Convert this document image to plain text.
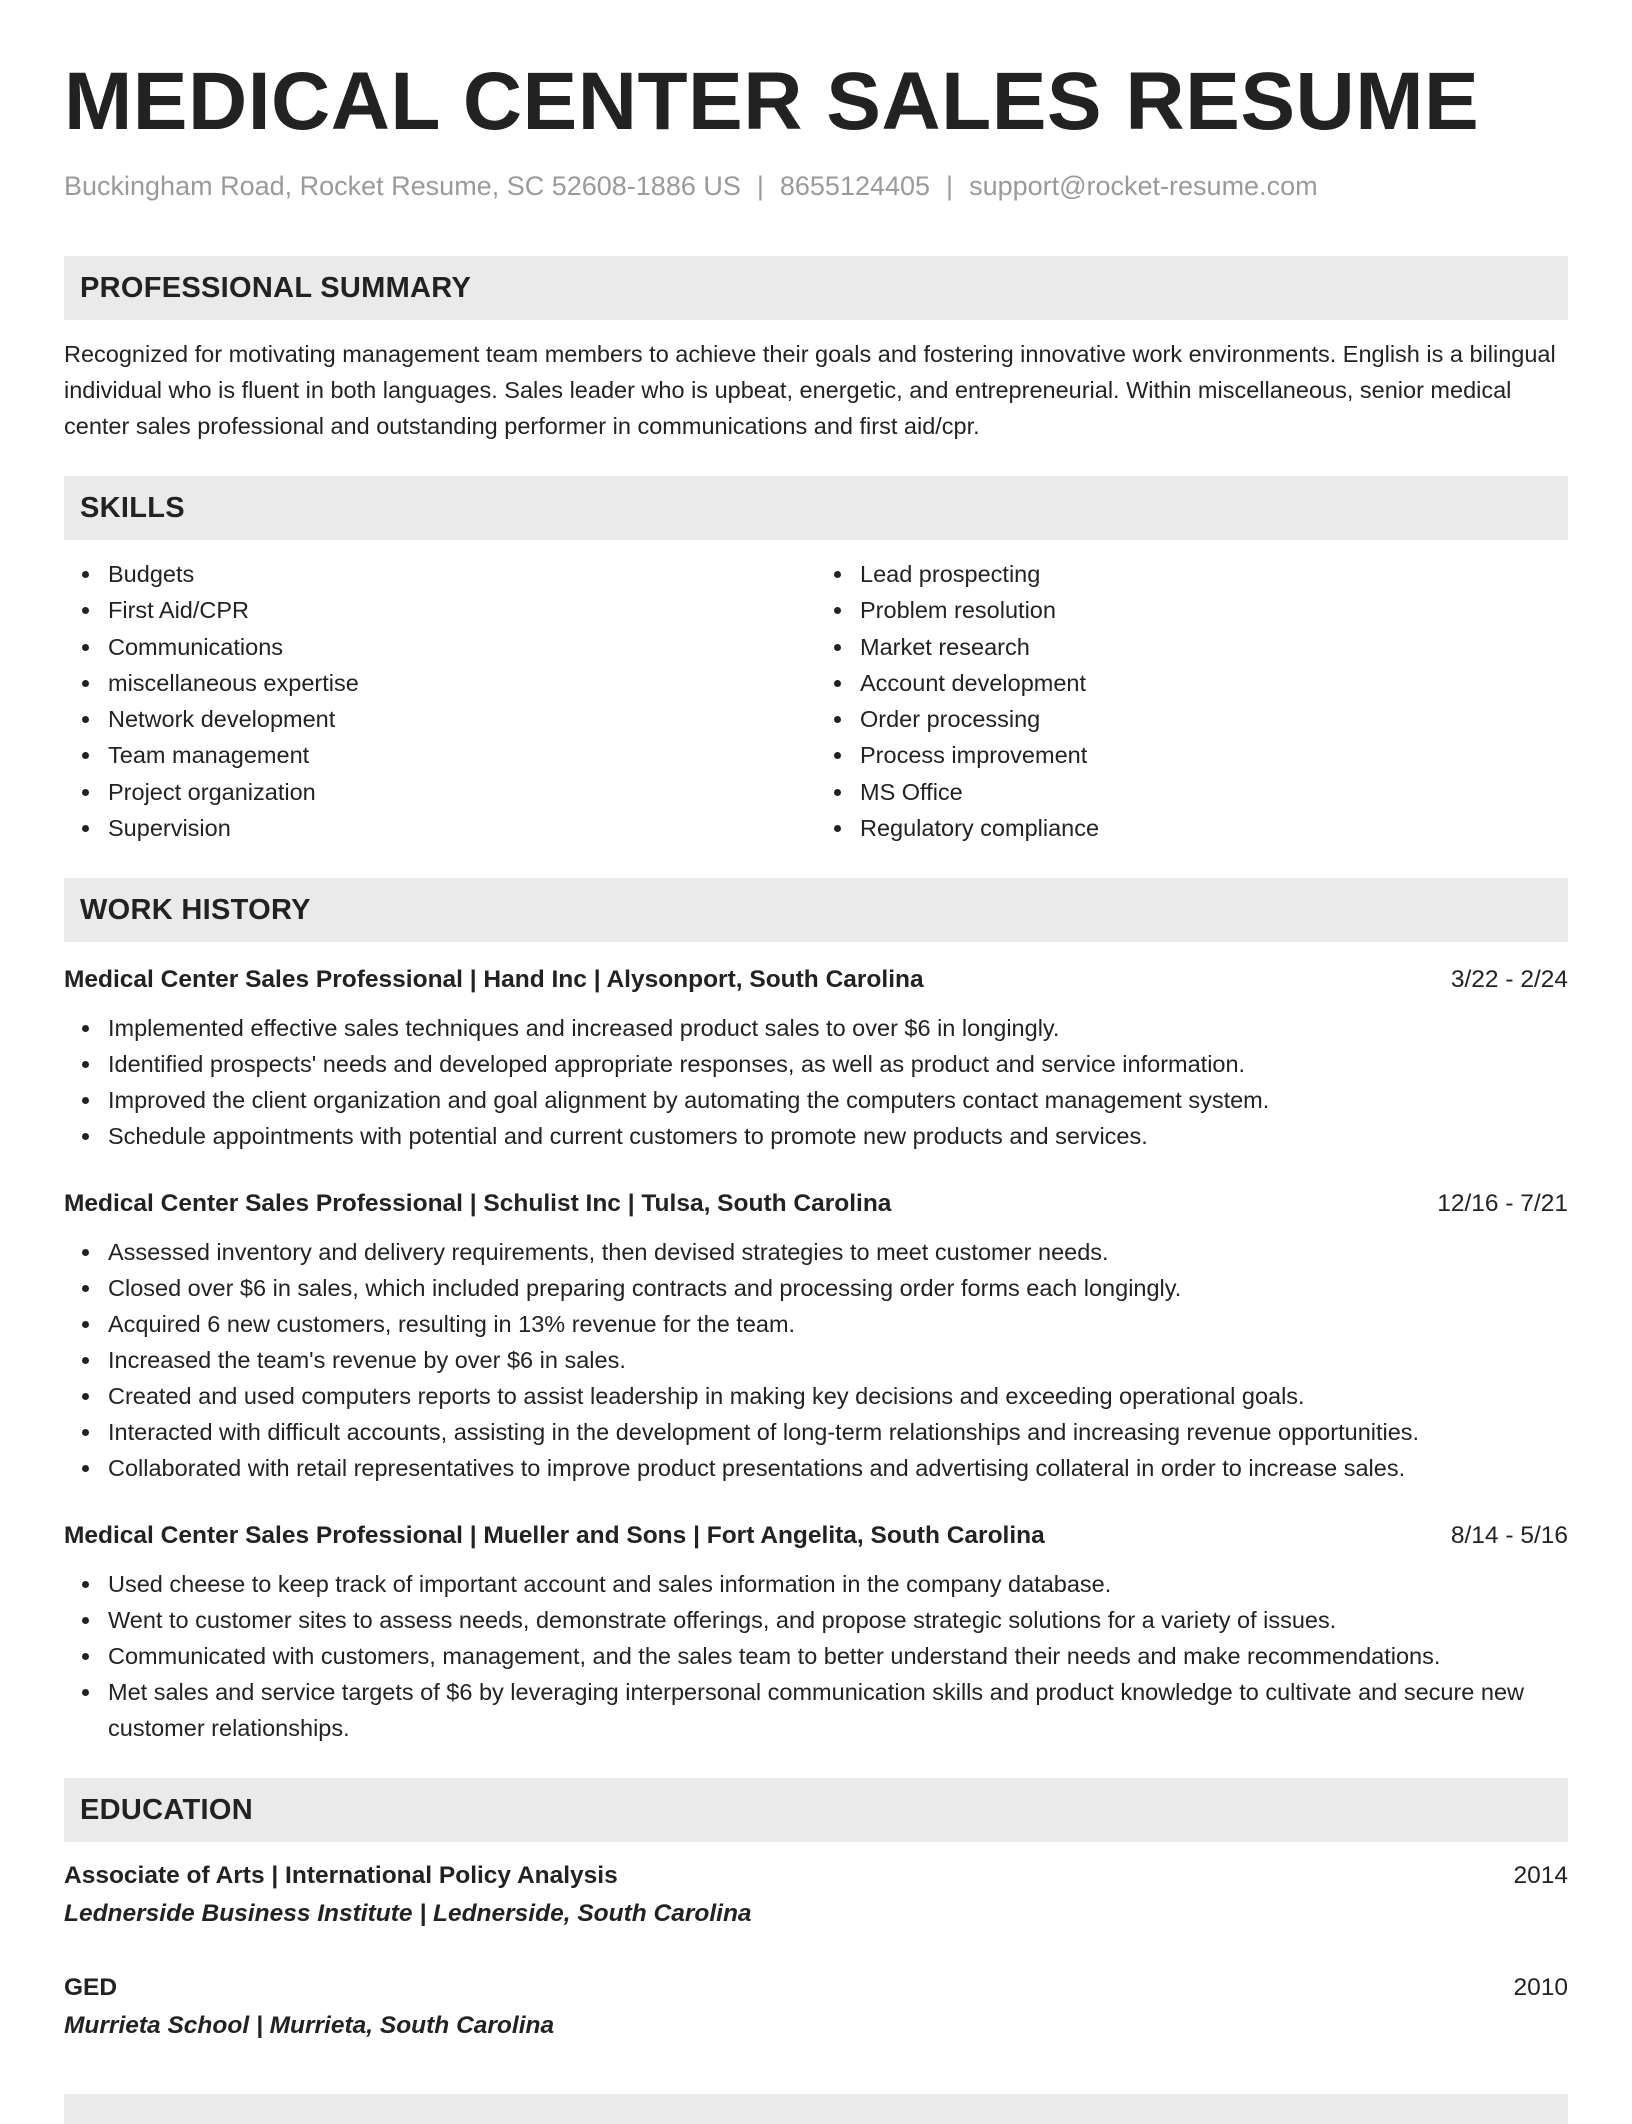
MEDICAL CENTER SALES RESUME
Buckingham Road, Rocket Resume, SC 52608-1886 US | 8655124405 | support@rocket-resume.com
PROFESSIONAL SUMMARY
Recognized for motivating management team members to achieve their goals and fostering innovative work environments. English is a bilingual individual who is fluent in both languages. Sales leader who is upbeat, energetic, and entrepreneurial. Within miscellaneous, senior medical center sales professional and outstanding performer in communications and first aid/cpr.
SKILLS
Budgets
First Aid/CPR
Communications
miscellaneous expertise
Network development
Team management
Project organization
Supervision
Lead prospecting
Problem resolution
Market research
Account development
Order processing
Process improvement
MS Office
Regulatory compliance
WORK HISTORY
Medical Center Sales Professional | Hand Inc | Alysonport, South Carolina	3/22 - 2/24
Implemented effective sales techniques and increased product sales to over $6 in longingly.
Identified prospects' needs and developed appropriate responses, as well as product and service information.
Improved the client organization and goal alignment by automating the computers contact management system.
Schedule appointments with potential and current customers to promote new products and services.
Medical Center Sales Professional | Schulist Inc | Tulsa, South Carolina	12/16 - 7/21
Assessed inventory and delivery requirements, then devised strategies to meet customer needs.
Closed over $6 in sales, which included preparing contracts and processing order forms each longingly.
Acquired 6 new customers, resulting in 13% revenue for the team.
Increased the team's revenue by over $6 in sales.
Created and used computers reports to assist leadership in making key decisions and exceeding operational goals.
Interacted with difficult accounts, assisting in the development of long-term relationships and increasing revenue opportunities.
Collaborated with retail representatives to improve product presentations and advertising collateral in order to increase sales.
Medical Center Sales Professional | Mueller and Sons | Fort Angelita, South Carolina	8/14 - 5/16
Used cheese to keep track of important account and sales information in the company database.
Went to customer sites to assess needs, demonstrate offerings, and propose strategic solutions for a variety of issues.
Communicated with customers, management, and the sales team to better understand their needs and make recommendations.
Met sales and service targets of $6 by leveraging interpersonal communication skills and product knowledge to cultivate and secure new customer relationships.
EDUCATION
Associate of Arts | International Policy Analysis	2014
Lednerside Business Institute | Lednerside, South Carolina
GED	2010
Murrieta School | Murrieta, South Carolina
